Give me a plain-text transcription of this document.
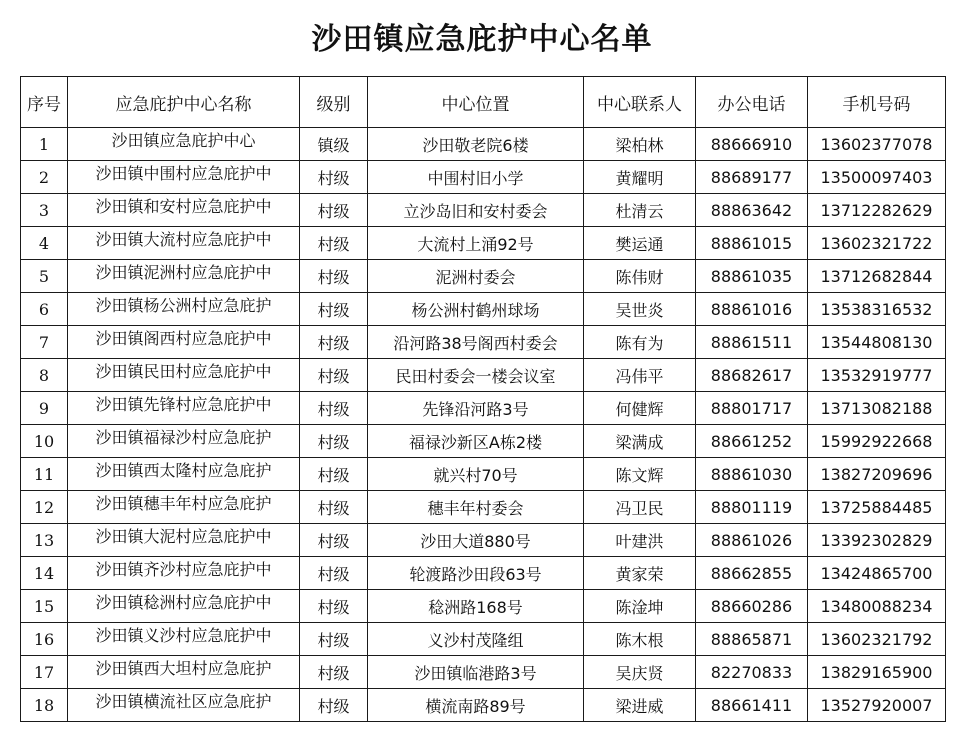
沙田镇应急庇护中心名单
序号	应急庇护中心名称	级别	中心位置	中心联系人	办公电话	手机号码
1	沙田镇应急庇护中心	镇级	沙田敬老院6楼	梁柏林	88666910	13602377078
2	沙田镇中围村应急庇护中	村级	中围村旧小学	黄耀明	88689177	13500097403
3	沙田镇和安村应急庇护中	村级	立沙岛旧和安村委会	杜清云	88863642	13712282629
4	沙田镇大流村应急庇护中	村级	大流村上涌92号	樊运通	88861015	13602321722
5	沙田镇泥洲村应急庇护中	村级	泥洲村委会	陈伟财	88861035	13712682844
6	沙田镇杨公洲村应急庇护	村级	杨公洲村鹤州球场	吴世炎	88861016	13538316532
7	沙田镇阁西村应急庇护中	村级	沿河路38号阁西村委会	陈有为	88861511	13544808130
8	沙田镇民田村应急庇护中	村级	民田村委会一楼会议室	冯伟平	88682617	13532919777
9	沙田镇先锋村应急庇护中	村级	先锋沿河路3号	何健辉	88801717	13713082188
10	沙田镇福禄沙村应急庇护	村级	福禄沙新区A栋2楼	梁满成	88661252	15992922668
11	沙田镇西太隆村应急庇护	村级	就兴村70号	陈文辉	88861030	13827209696
12	沙田镇穗丰年村应急庇护	村级	穗丰年村委会	冯卫民	88801119	13725884485
13	沙田镇大泥村应急庇护中	村级	沙田大道880号	叶建洪	88861026	13392302829
14	沙田镇齐沙村应急庇护中	村级	轮渡路沙田段63号	黄家荣	88662855	13424865700
15	沙田镇稔洲村应急庇护中	村级	稔洲路168号	陈淦坤	88660286	13480088234
16	沙田镇义沙村应急庇护中	村级	义沙村茂隆组	陈木根	88865871	13602321792
17	沙田镇西大坦村应急庇护	村级	沙田镇临港路3号	吴庆贤	82270833	13829165900
18	沙田镇横流社区应急庇护	村级	横流南路89号	梁进威	88661411	13527920007
